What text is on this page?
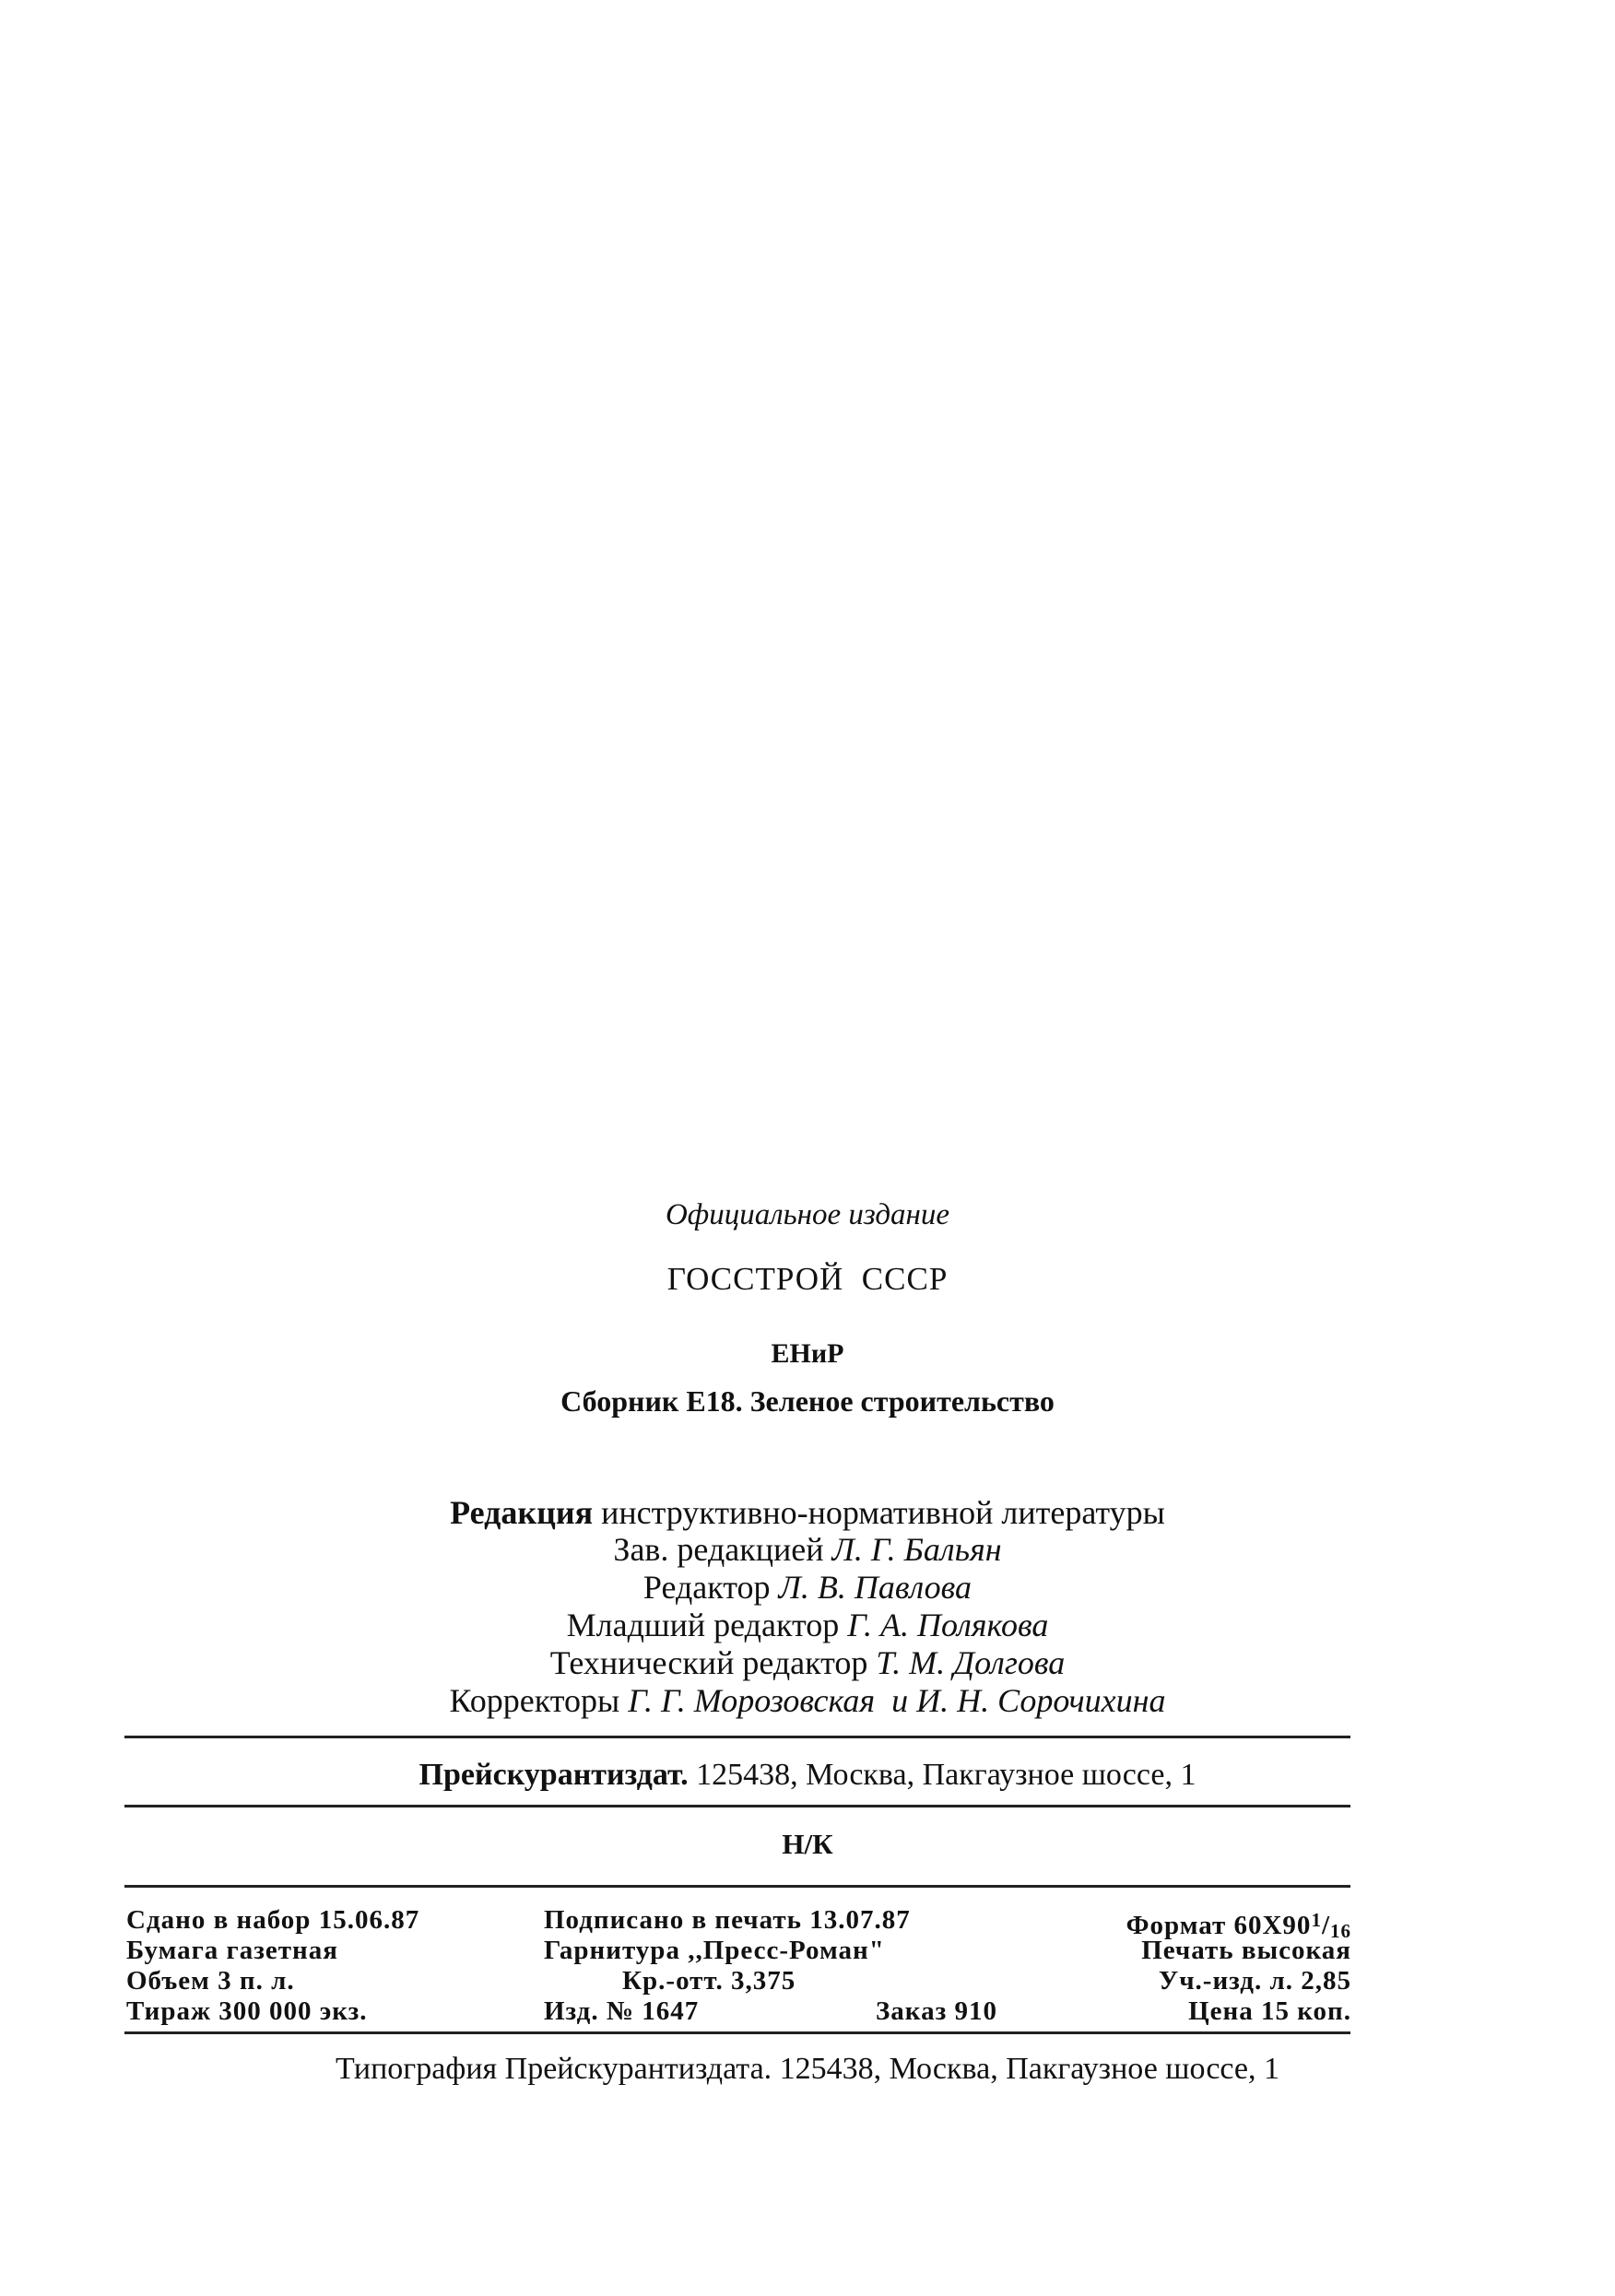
Официальное издание
ГОССТРОЙ  СССР
ЕНиР
Сборник Е18. Зеленое строительство
Редакция инструктивно-нормативной литературы
Зав. редакцией Л. Г. Бальян
Редактор Л. В. Павлова
Младший редактор Г. А. Полякова
Технический редактор Т. М. Долгова
Корректоры Г. Г. Морозовская  и И. Н. Сорочихина
Прейскурантиздат. 125438, Москва, Пакгаузное шоссе, 1
Н/К
Сдано в набор 15.06.87
Бумага газетная
Объем 3 п. л.
Тираж 300 000 экз.
Подписано в печать 13.07.87
Гарнитура ,,Пресс-Роман"
Кр.-отт. 3,375
Изд. № 1647	Заказ 910
Формат $60Х90^1/16$
Печать высокая
Уч.-изд. л. 2,85
Цена 15 коп.
Типография Прейскурантиздата. 125438, Москва, Пакгаузное шоссе, 1
